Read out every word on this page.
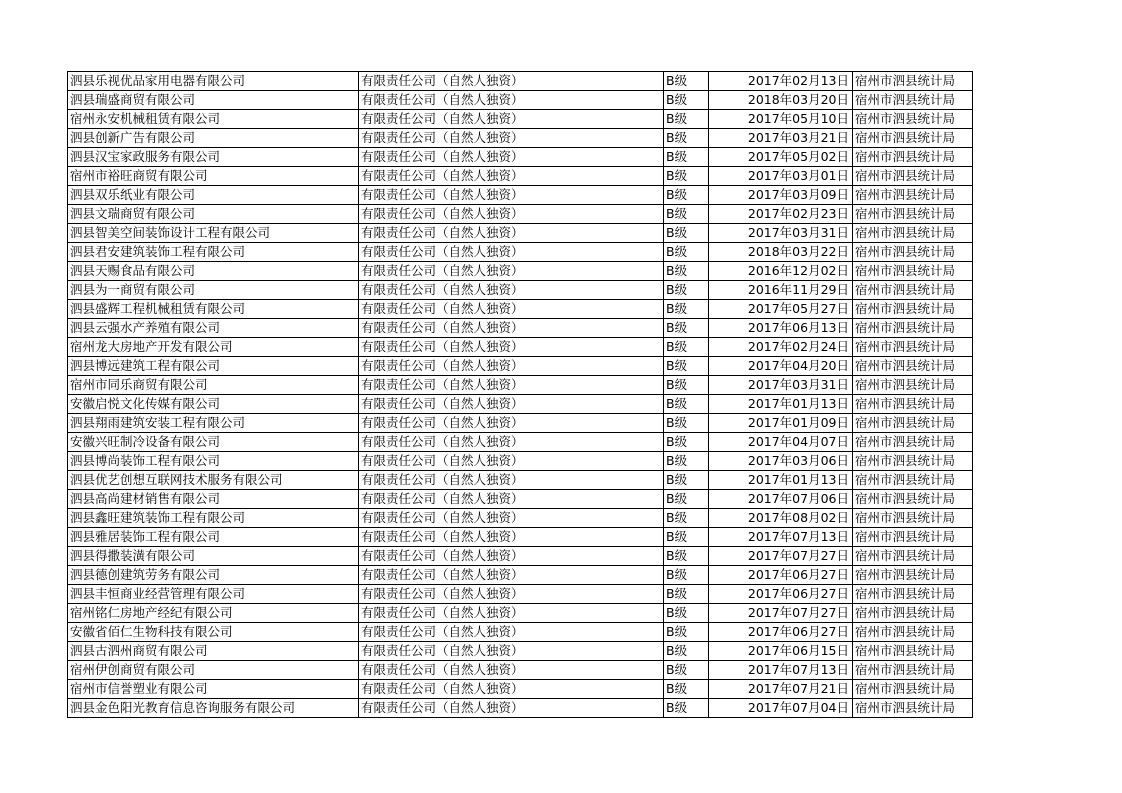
泗县乐视优品家用电器有限公司	有限责任公司（自然人独资）	B级	2017年02月13日	宿州市泗县统计局
泗县瑞盛商贸有限公司	有限责任公司（自然人独资）	B级	2018年03月20日	宿州市泗县统计局
宿州永安机械租赁有限公司	有限责任公司（自然人独资）	B级	2017年05月10日	宿州市泗县统计局
泗县创新广告有限公司	有限责任公司（自然人独资）	B级	2017年03月21日	宿州市泗县统计局
泗县汉宝家政服务有限公司	有限责任公司（自然人独资）	B级	2017年05月02日	宿州市泗县统计局
宿州市裕旺商贸有限公司	有限责任公司（自然人独资）	B级	2017年03月01日	宿州市泗县统计局
泗县双乐纸业有限公司	有限责任公司（自然人独资）	B级	2017年03月09日	宿州市泗县统计局
泗县文瑞商贸有限公司	有限责任公司（自然人独资）	B级	2017年02月23日	宿州市泗县统计局
泗县智美空间装饰设计工程有限公司	有限责任公司（自然人独资）	B级	2017年03月31日	宿州市泗县统计局
泗县君安建筑装饰工程有限公司	有限责任公司（自然人独资）	B级	2018年03月22日	宿州市泗县统计局
泗县天赐食品有限公司	有限责任公司（自然人独资）	B级	2016年12月02日	宿州市泗县统计局
泗县为一商贸有限公司	有限责任公司（自然人独资）	B级	2016年11月29日	宿州市泗县统计局
泗县盛辉工程机械租赁有限公司	有限责任公司（自然人独资）	B级	2017年05月27日	宿州市泗县统计局
泗县云强水产养殖有限公司	有限责任公司（自然人独资）	B级	2017年06月13日	宿州市泗县统计局
宿州龙大房地产开发有限公司	有限责任公司（自然人独资）	B级	2017年02月24日	宿州市泗县统计局
泗县博远建筑工程有限公司	有限责任公司（自然人独资）	B级	2017年04月20日	宿州市泗县统计局
宿州市同乐商贸有限公司	有限责任公司（自然人独资）	B级	2017年03月31日	宿州市泗县统计局
安徽启悦文化传媒有限公司	有限责任公司（自然人独资）	B级	2017年01月13日	宿州市泗县统计局
泗县翔雨建筑安装工程有限公司	有限责任公司（自然人独资）	B级	2017年01月09日	宿州市泗县统计局
安徽兴旺制冷设备有限公司	有限责任公司（自然人独资）	B级	2017年04月07日	宿州市泗县统计局
泗县博尚装饰工程有限公司	有限责任公司（自然人独资）	B级	2017年03月06日	宿州市泗县统计局
泗县优艺创想互联网技术服务有限公司	有限责任公司（自然人独资）	B级	2017年01月13日	宿州市泗县统计局
泗县高尚建材销售有限公司	有限责任公司（自然人独资）	B级	2017年07月06日	宿州市泗县统计局
泗县鑫旺建筑装饰工程有限公司	有限责任公司（自然人独资）	B级	2017年08月02日	宿州市泗县统计局
泗县雅居装饰工程有限公司	有限责任公司（自然人独资）	B级	2017年07月13日	宿州市泗县统计局
泗县得撒装潢有限公司	有限责任公司（自然人独资）	B级	2017年07月27日	宿州市泗县统计局
泗县德创建筑劳务有限公司	有限责任公司（自然人独资）	B级	2017年06月27日	宿州市泗县统计局
泗县丰恒商业经营管理有限公司	有限责任公司（自然人独资）	B级	2017年06月27日	宿州市泗县统计局
宿州铭仁房地产经纪有限公司	有限责任公司（自然人独资）	B级	2017年07月27日	宿州市泗县统计局
安徽省佰仁生物科技有限公司	有限责任公司（自然人独资）	B级	2017年06月27日	宿州市泗县统计局
泗县古泗州商贸有限公司	有限责任公司（自然人独资）	B级	2017年06月15日	宿州市泗县统计局
宿州伊创商贸有限公司	有限责任公司（自然人独资）	B级	2017年07月13日	宿州市泗县统计局
宿州市信誉塑业有限公司	有限责任公司（自然人独资）	B级	2017年07月21日	宿州市泗县统计局
泗县金色阳光教育信息咨询服务有限公司	有限责任公司（自然人独资）	B级	2017年07月04日	宿州市泗县统计局
